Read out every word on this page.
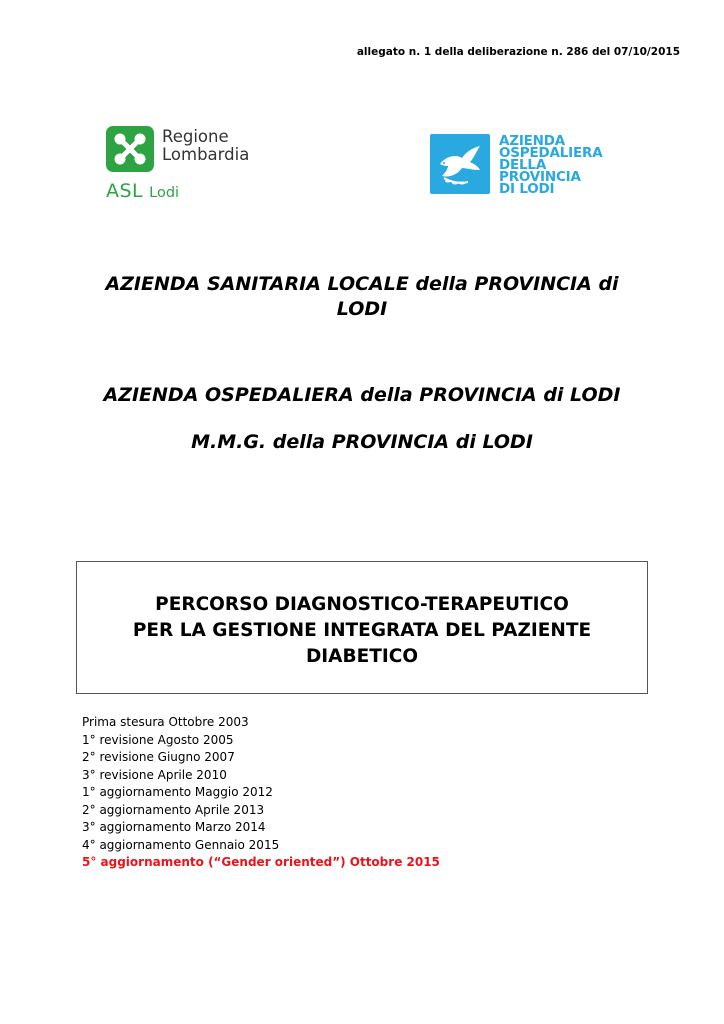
allegato n. 1 della deliberazione n. 286 del 07/10/2015
Regione
Lombardia
ASL Lodi
AZIENDA
OSPEDALIERA
DELLA
PROVINCIA
DI LODI
AZIENDA SANITARIA LOCALE della PROVINCIA di
LODI
AZIENDA OSPEDALIERA della PROVINCIA di LODI
M.M.G. della PROVINCIA di LODI
PERCORSO DIAGNOSTICO-TERAPEUTICO
PER LA GESTIONE INTEGRATA DEL PAZIENTE
DIABETICO
Prima stesura Ottobre 2003
1° revisione Agosto 2005
2° revisione Giugno 2007
3° revisione Aprile 2010
1° aggiornamento Maggio 2012
2° aggiornamento Aprile 2013
3° aggiornamento Marzo 2014
4° aggiornamento Gennaio 2015
5° aggiornamento (“Gender oriented”) Ottobre 2015
